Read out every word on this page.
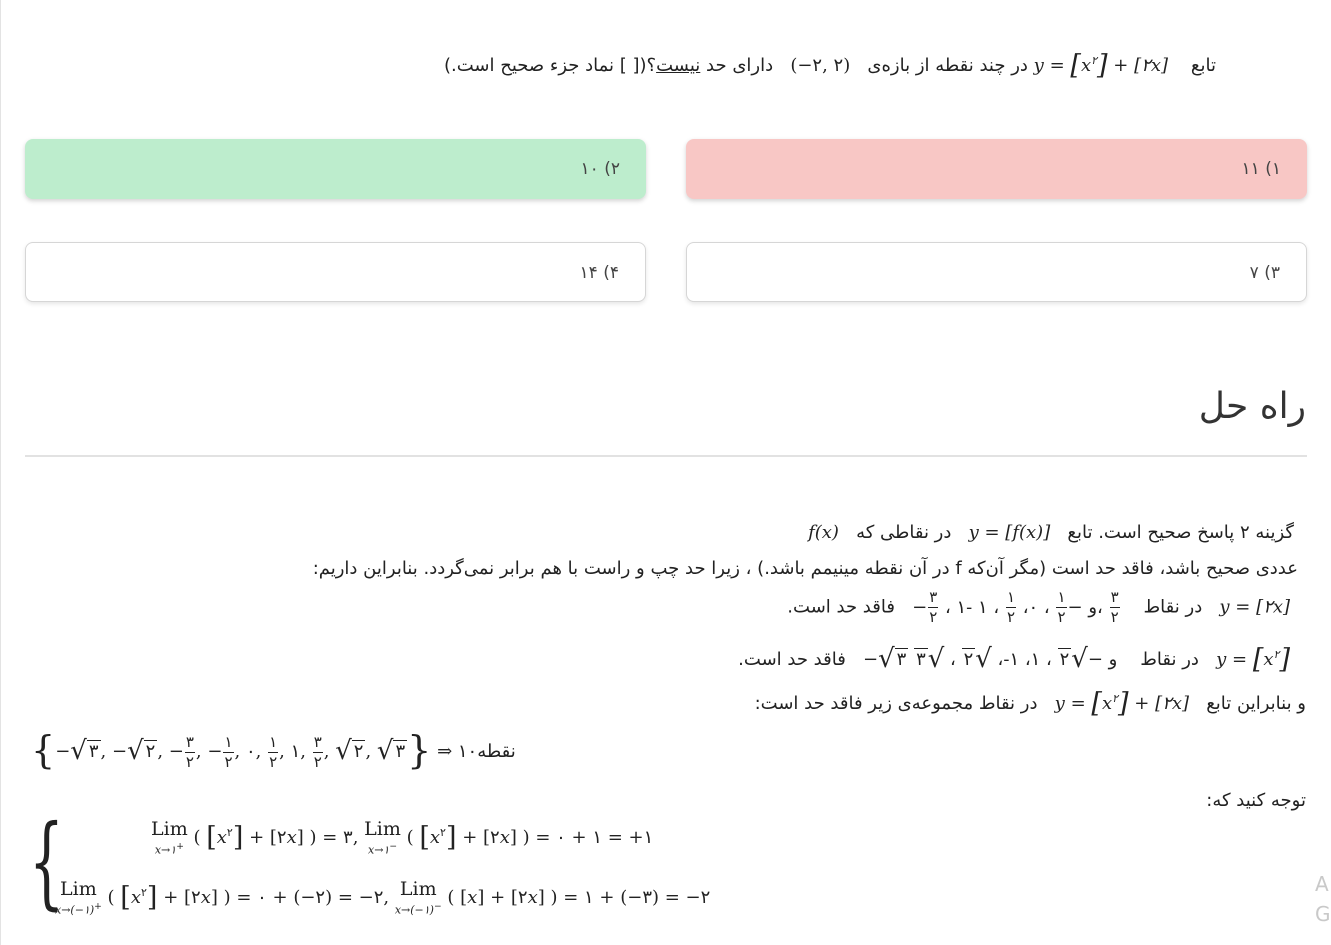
تابع    $y = [x^۲]$ + [۲x] در چند نقطه از بازه‌ی   (−۲, ۲)   دارای حد نیست؟([ ] نماد جزء صحیح است.)
۱) ۱۱
۲) ۱۰
۳) ۷
۴) ۱۴
راه حل
گزینه ۲ پاسخ صحیح است. تابع   y = [f(x)]   در نقاطی که   f(x)
عددی صحیح باشد، فاقد حد است (مگر آن‌که f در آن نقطه مینیمم باشد.) ، زیرا حد چپ و راست با هم برابر نمی‌گردد. بنابراین داریم:
y = [۲x]   در نقاط   − $\frac{۳}{۲}$ ، ۱- و −
$\frac{۱}{۲}$
، ۰،
$\frac{۱}{۲}$
، ۱، $\frac{۳}{۲}$
فاقد حد است.
$y = [x^۲]$   در نقاط   −√ ۳ و −√۲ ، ۱، ۱-، √۲ ، √۳    فاقد حد است.
و بنابراین تابع   $y = [x^۲]$ + [۲x]   در نقاط مجموعه‌ی زیر فاقد حد است:
{−√ ۳ , −√ ۲ , − $\frac{۳}{۲}$ , − $\frac{۱}{۲}$ , ۰, $\frac{۱}{۲}$ , ۱, $\frac{۳}{۲}$ , √ ۲ , √ ۳} ⇒ ۱۰نقطه
توجه کنید که:
{	Lim
x→۱+ ( $[x^۲]$ + [۲x] ) = ۳, Lim
x→۱− ( $[x^۲]$ + [۲x] ) = ۰ + ۱ = +۱
Lim
x→(−۱)+ ( $[x^۲]$ + [۲x] ) = ۰ + (−۲) = −۲, Lim
x→(−۱)− ( [x] + [۲x] ) = ۱ + (−۳) = −۲
A
G
